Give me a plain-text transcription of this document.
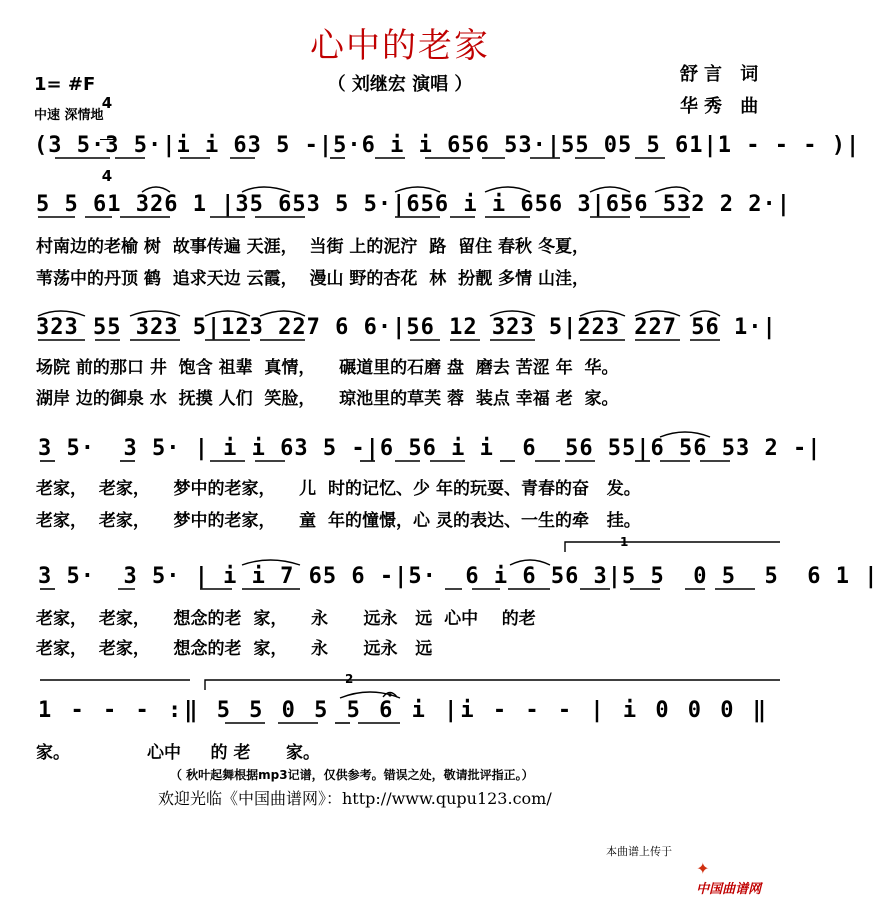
心中的老家
（ 刘继宏 演唱 ）	舒言 词
华秀 曲
1= #F

4

4

中速 深情地
(3 5·3 5·|i i 63 5 -|5·6 i i 656 53·|55 05 5 61|1 - - - )|
5 5 61 326 1 |35 653 5 5·|656 i i 656 3|656 532 2 2·|
村南边的老榆 树  故事传遍 天涯，  当街 上的泥泞  路  留住 春秋 冬夏，
苇荡中的丹顶 鹤  追求天边 云霞，  漫山 野的杏花  林  扮靓 多情 山洼，
323 55 323 5|123 227 6 6·|56 12 323 5|223 227 56 1·|
场院 前的那口 井  饱含 祖辈  真情，    碾道里的石磨 盘  磨去 苦涩 年  华。
湖岸 边的御泉 水  抚摸 人们  笑脸，    琼池里的草芙 蓉  装点 幸福 老  家。
3 5·  3 5· | i i 63 5 -|6 56 i i  6  56 55|6 56 53 2 -|
老家，  老家，    梦中的老家，    儿  时的记忆、少 年的玩耍、青春的奋   发。
老家，  老家，    梦中的老家，    童  年的憧憬，心 灵的表达、一生的牵   挂。
1
2
3 5·  3 5· | i i 7 65 6 -|5·  6 i 6 56 3|5 5  0 5  5  6 1 |
老家，  老家，    想念的老  家，    永      远永   远  心中    的老
老家，  老家，    想念的老  家，    永      远永   远
1 - - - :‖ 5 5 0 5 5 6 i |i - - - | i 0 0 0 ‖
家。             心中     的 老      家。
（ 秋叶起舞根据mp3记谱，仅供参考。错误之处，敬请批评指正。）
欢迎光临《中国曲谱网》：http://www.qupu123.com/
本曲谱上传于

✦
中国曲谱网
